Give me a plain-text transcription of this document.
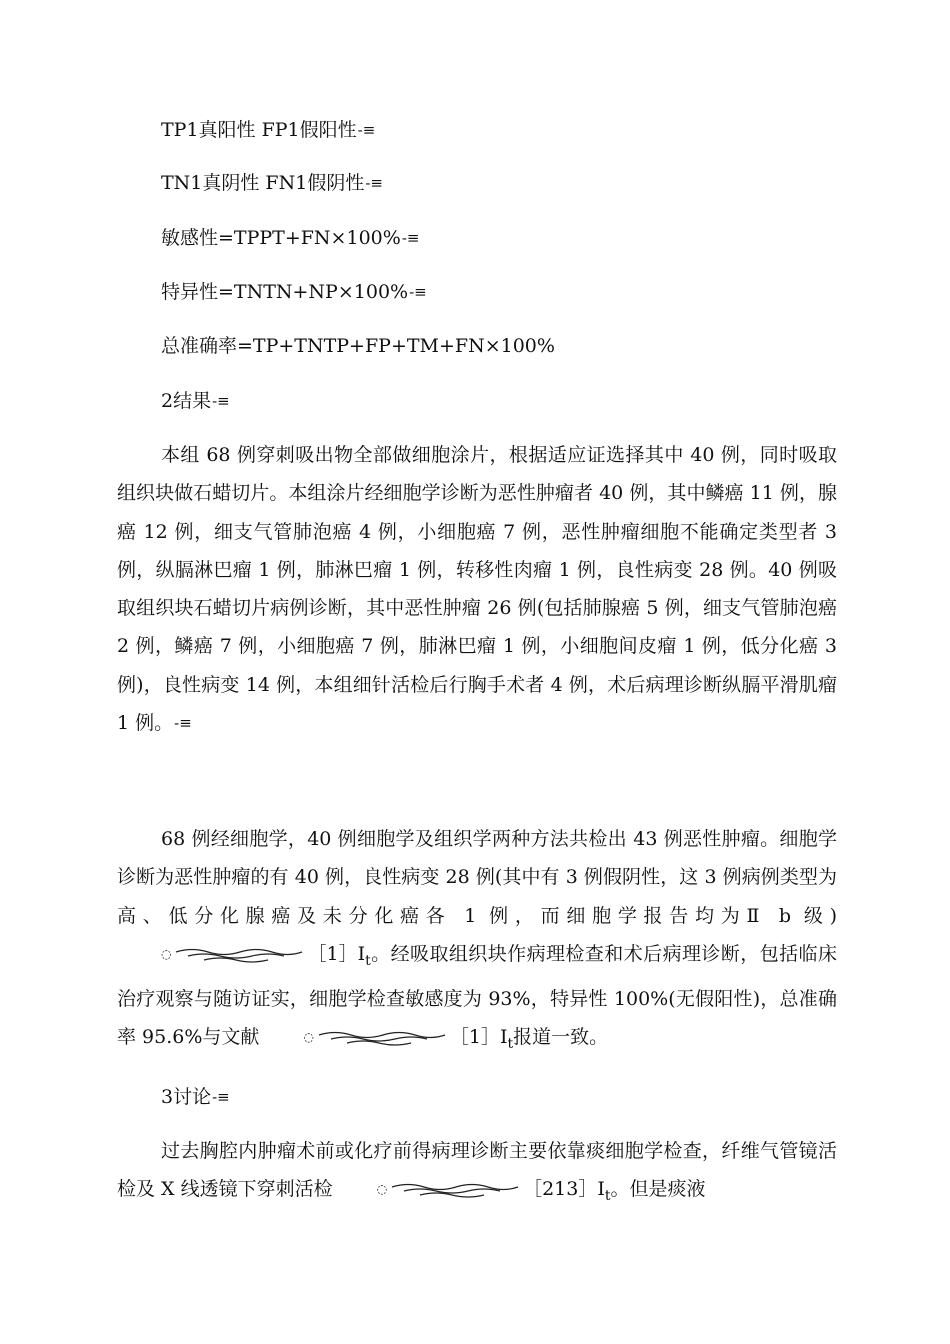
TP1真阳性 FP1假阳性-≡
TN1真阴性 FN1假阴性-≡
敏感性=TPPT+FN×100%-≡
特异性=TNTN+NP×100%-≡
总准确率=TP+TNTP+FP+TM+FN×100%
2结果-≡
本组 68 例穿刺吸出物全部做细胞涂片，根据适应证选择其中 40 例，同时吸取组织块做石蜡切片。本组涂片经细胞学诊断为恶性肿瘤者 40 例，其中鳞癌 11 例，腺癌 12 例，细支气管肺泡癌 4 例，小细胞癌 7 例，恶性肿瘤细胞不能确定类型者 3 例，纵膈淋巴瘤 1 例，肺淋巴瘤 1 例，转移性肉瘤 1 例，良性病变 28 例。40 例吸取组织块石蜡切片病例诊断，其中恶性肿瘤 26 例(包括肺腺癌 5 例，细支气管肺泡癌 2 例，鳞癌 7 例，小细胞癌 7 例，肺淋巴瘤 1 例，小细胞间皮瘤 1 例，低分化癌 3 例)，良性病变 14 例，本组细针活检后行胸手术者 4 例，术后病理诊断纵膈平滑肌瘤 1 例。-≡
68 例经细胞学，40 例细胞学及组织学两种方法共检出 43 例恶性肿瘤。细胞学诊断为恶性肿瘤的有 40 例，良性病变 28 例(其中有 3 例假阴性，这 3 例病例类型为高、低分化腺癌及未分化癌各 1 例，而细胞学报告均为Ⅱ b 级)◌	$[1]I_t$。经吸取组织块作病理检查和术后病理诊断，包括临床治疗观察与随访证实，细胞学检查敏感度为 93%，特异性 100%(无假阳性)，总准确率 95.6%与文献	◌	$[1]I_t$报道一致。
3讨论-≡
过去胸腔内肿瘤术前或化疗前得病理诊断主要依靠痰细胞学检查，纤维气管镜活检及 X 线透镜下穿刺活检	◌	$[213]I_t$。但是痰液
